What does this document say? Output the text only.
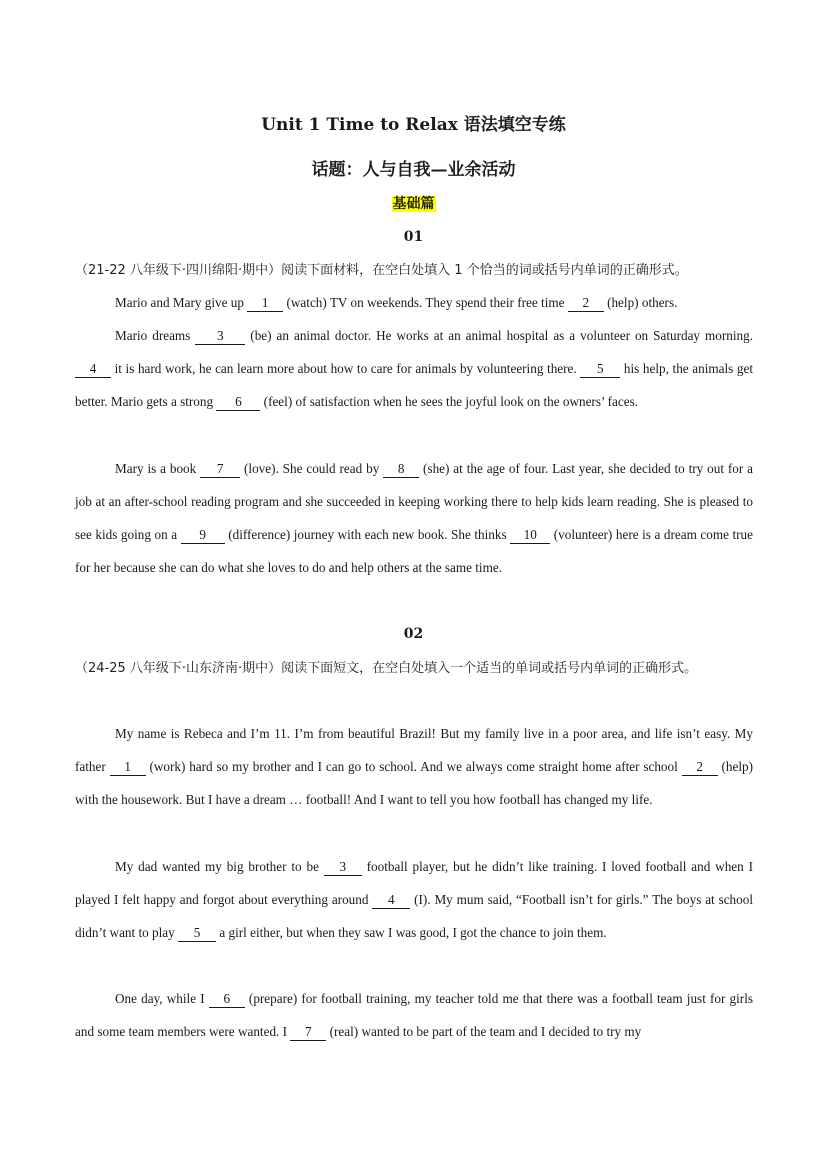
Unit 1 Time to Relax 语法填空专练
话题：人与自我—业余活动
基础篇
01
（21-22 八年级下·四川绵阳·期中）阅读下面材料，在空白处填入 1 个恰当的词或括号内单词的正确形式。
Mario and Mary give up 1 (watch) TV on weekends. They spend their free time 2 (help) others.
Mario dreams 3 (be) an animal doctor. He works at an animal hospital as a volunteer on Saturday morning. 4 it is hard work, he can learn more about how to care for animals by volunteering there. 5 his help, the animals get better. Mario gets a strong 6 (feel) of satisfaction when he sees the joyful look on the owners’ faces.
Mary is a book 7 (love). She could read by 8 (she) at the age of four. Last year, she decided to try out for a job at an after-school reading program and she succeeded in keeping working there to help kids learn reading. She is pleased to see kids going on a 9 (difference) journey with each new book. She thinks 10 (volunteer) here is a dream come true for her because she can do what she loves to do and help others at the same time.
02
（24-25 八年级下·山东济南·期中）阅读下面短文，在空白处填入一个适当的单词或括号内单词的正确形式。
My name is Rebeca and I’m 11. I’m from beautiful Brazil! But my family live in a poor area, and life isn’t easy. My father 1 (work) hard so my brother and I can go to school. And we always come straight home after school 2 (help) with the housework. But I have a dream … football! And I want to tell you how football has changed my life.
My dad wanted my big brother to be 3 football player, but he didn’t like training. I loved football and when I played I felt happy and forgot about everything around 4 (I). My mum said, “Football isn’t for girls.” The boys at school didn’t want to play 5 a girl either, but when they saw I was good, I got the chance to join them.
One day, while I 6 (prepare) for football training, my teacher told me that there was a football team just for girls and some team members were wanted. I 7 (real) wanted to be part of the team and I decided to try my
